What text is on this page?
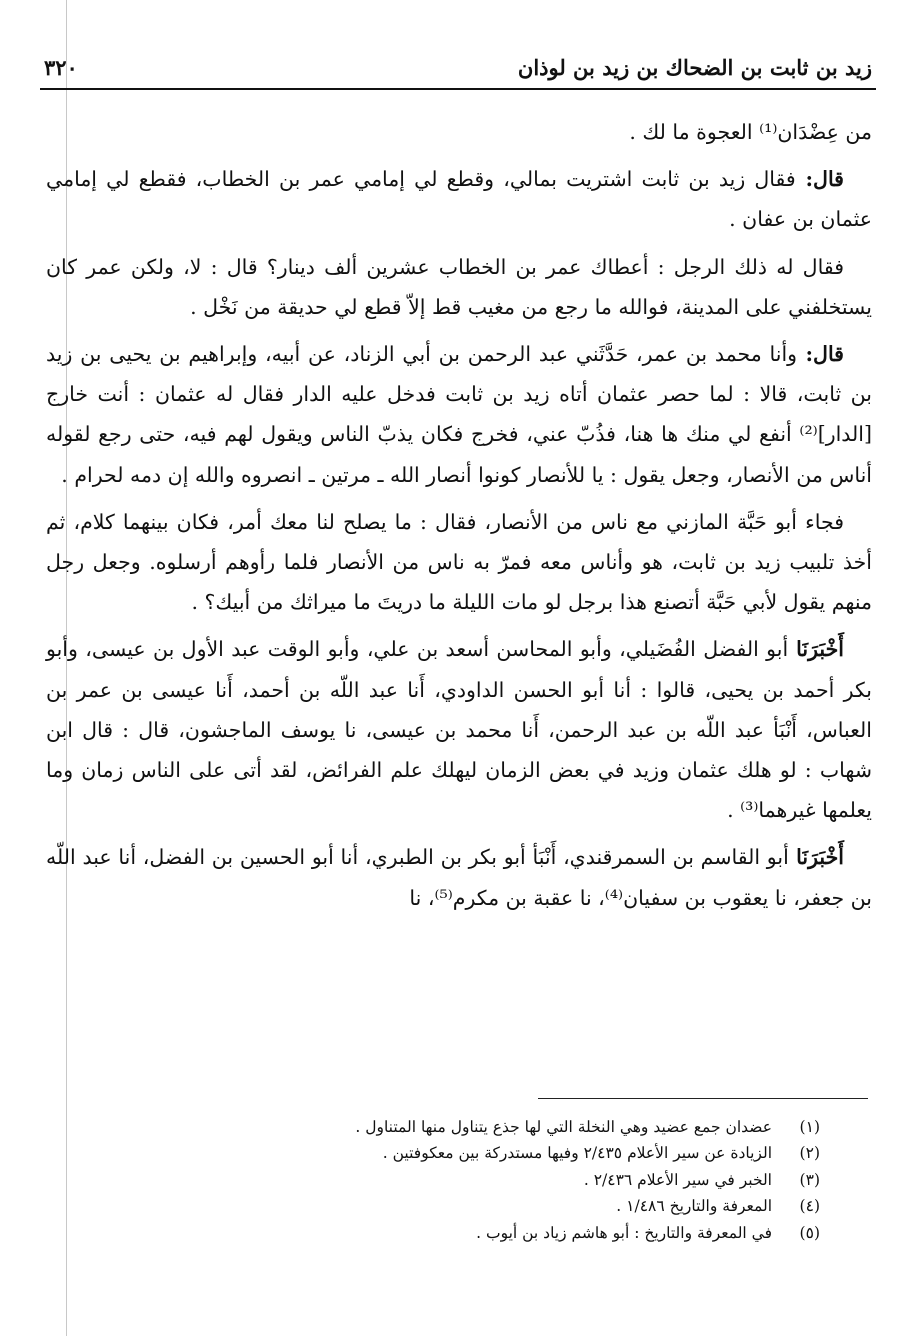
زيد بن ثابت بن الضحاك بن زيد بن لوذان
٣٢٠

من عِضْدَان⁽¹⁾ العجوة ما لك .

قال: فقال زيد بن ثابت اشتريت بمالي، وقطع لي إمامي عمر بن الخطاب، فقطع لي إمامي عثمان بن عفان .

فقال له ذلك الرجل : أعطاك عمر بن الخطاب عشرين ألف دينار؟ قال : لا، ولكن عمر كان يستخلفني على المدينة، فوالله ما رجع من مغيب قط إلاّ قطع لي حديقة من نَخْل .

قال: وأنا محمد بن عمر، حَدَّثَني عبد الرحمن بن أبي الزناد، عن أبيه، وإبراهيم بن يحيى بن زيد بن ثابت، قالا : لما حصر عثمان أتاه زيد بن ثابت فدخل عليه الدار فقال له عثمان : أنت خارج [الدار]⁽²⁾ أنفع لي منك ها هنا، فذُبّ عني، فخرج فكان يذبّ الناس ويقول لهم فيه، حتى رجع لقوله أناس من الأنصار، وجعل يقول : يا للأنصار كونوا أنصار الله ـ مرتين ـ انصروه والله إن دمه لحرام .

فجاء أبو حَبَّة المازني مع ناس من الأنصار، فقال : ما يصلح لنا معك أمر، فكان بينهما كلام، ثم أخذ تلبيب زيد بن ثابت، هو وأناس معه فمرّ به ناس من الأنصار فلما رأوهم أرسلوه. وجعل رجل منهم يقول لأبي حَبَّة أتصنع هذا برجل لو مات الليلة ما دريتَ ما ميراثك من أبيك؟ .

أَخْبَرَنَا أبو الفضل الفُضَيلي، وأبو المحاسن أسعد بن علي، وأبو الوقت عبد الأول بن عيسى، وأبو بكر أحمد بن يحيى، قالوا : أنا أبو الحسن الداودي، أَنا عبد اللّه بن أحمد، أَنا عيسى بن عمر بن العباس، أَنْبَأ عبد اللّه بن عبد الرحمن، أَنا محمد بن عيسى، نا يوسف الماجشون، قال : قال ابن شهاب : لو هلك عثمان وزيد في بعض الزمان ليهلك علم الفرائض، لقد أتى على الناس زمان وما يعلمها غيرهما⁽³⁾ .

أَخْبَرَنَا أبو القاسم بن السمرقندي، أَنْبَأ أبو بكر بن الطبري، أنا أبو الحسين بن الفضل، أنا عبد اللّه بن جعفر، نا يعقوب بن سفيان⁽⁴⁾، نا عقبة بن مكرم⁽⁵⁾، نا

(١)
عضدان جمع عضيد وهي النخلة التي لها جذع يتناول منها المتناول .
(٢)
الزيادة عن سير الأعلام ٢/٤٣٥ وفيها مستدركة بين معكوفتين .
(٣)
الخبر في سير الأعلام ٢/٤٣٦ .
(٤)
المعرفة والتاريخ ١/٤٨٦ .
(٥)
في المعرفة والتاريخ : أبو هاشم زياد بن أيوب .
